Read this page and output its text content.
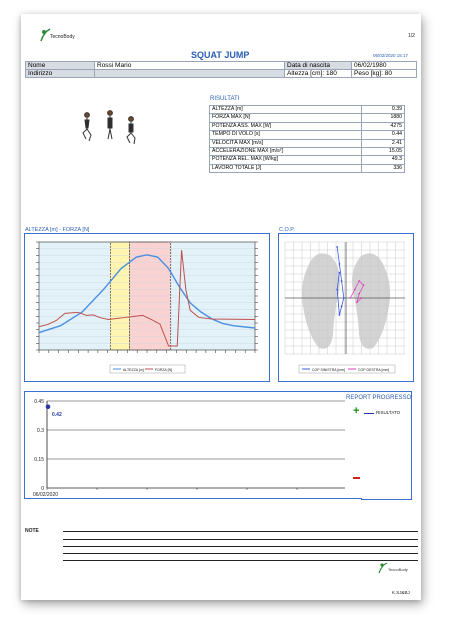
TecnoBody	1/2
SQUAT JUMP	06/02/2020 15:17
Nome	Rossi Mario	Data di nascita	06/02/1980
Indirizzo		Altezza [cm]: 180	Peso [kg]: 80
RISULTATI
ALTEZZA [m]	0.39
FORZA MAX [N]	1880
POTENZA ASS. MAX [W]	4275
TEMPO DI VOLO [s]	0.44
VELOCITÀ MAX [m/s]	2.41
ACCELERAZIONE MAX [m/s²]	15.05
POTENZA REL. MAX [W/kg]	49.3
LAVORO TOTALE [J]	336
ALTEZZA [m] - FORZA [N]
ALTEZZA [m]	FORZA [N]
C.O.P.
COP SINISTRA [mm]	COP DESTRA [mm]
0.45
0.3
0.15
0
0.42
06/02/2020
REPORT PROGRESSO
+	RISULTATO
NOTE
TecnoBody
K.SJ&BJ
